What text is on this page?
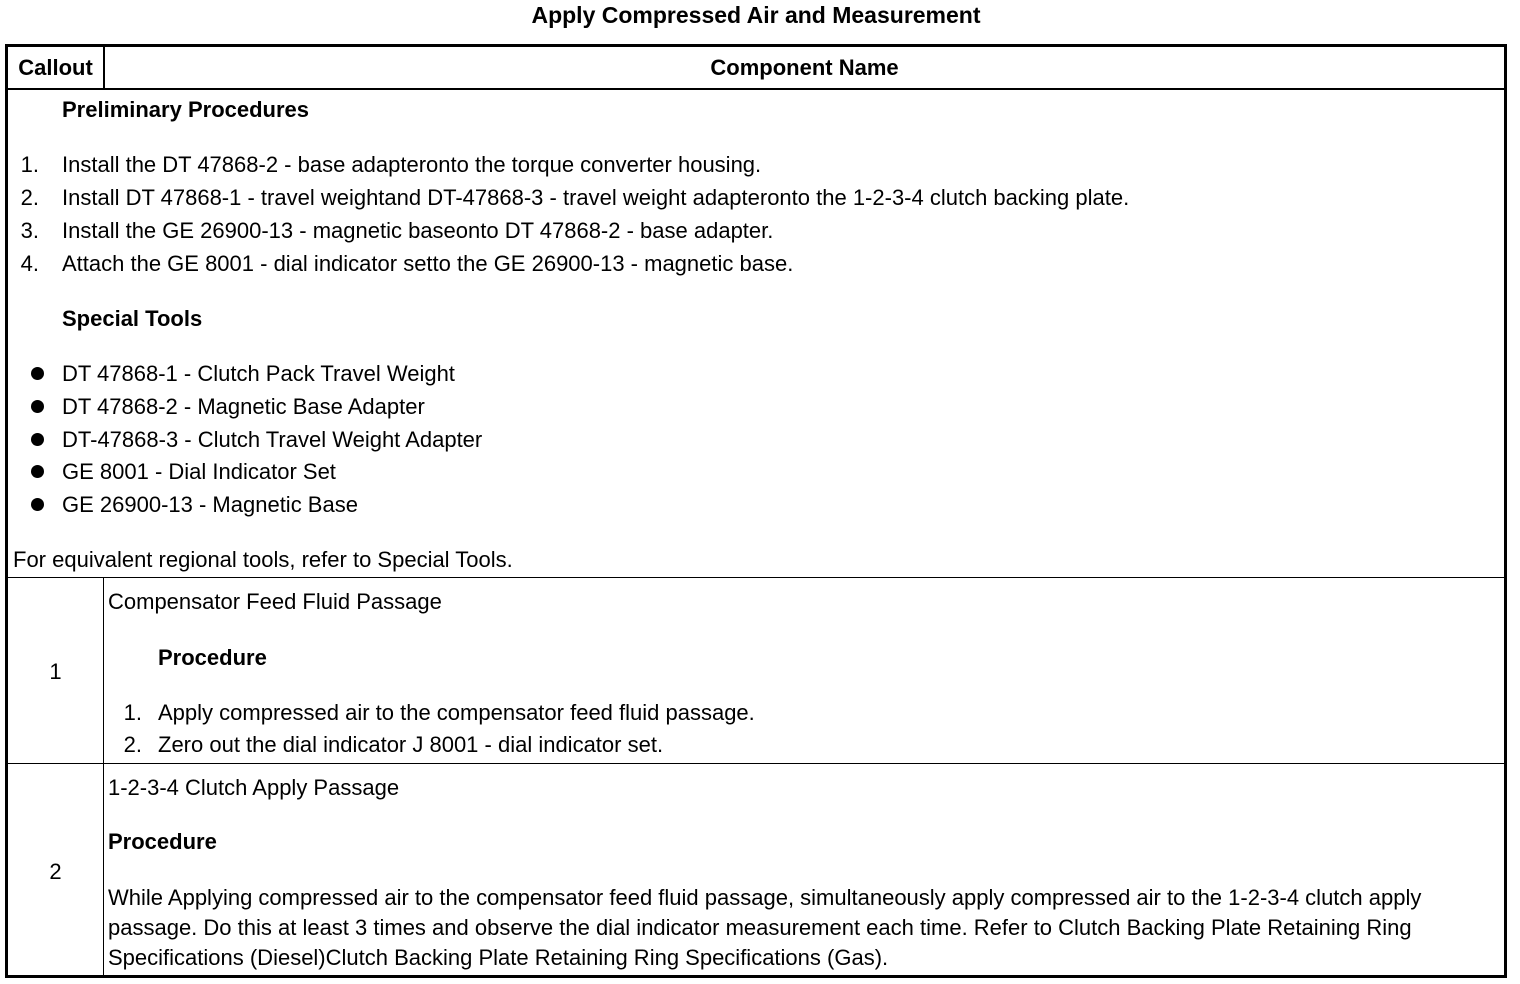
Apply Compressed Air and Measurement
Callout	Component Name
Preliminary Procedures
1. Install the DT 47868-2 - base adapteronto the torque converter housing.
2. Install DT 47868-1 - travel weightand DT-47868-3 - travel weight adapteronto the 1-2-3-4 clutch backing plate.
3. Install the GE 26900-13 - magnetic baseonto DT 47868-2 - base adapter.
4. Attach the GE 8001 - dial indicator setto the GE 26900-13 - magnetic base.
Special Tools
DT 47868-1 - Clutch Pack Travel Weight
DT 47868-2 - Magnetic Base Adapter
DT-47868-3 - Clutch Travel Weight Adapter
GE 8001 - Dial Indicator Set
GE 26900-13 - Magnetic Base
For equivalent regional tools, refer to Special Tools.
1
Compensator Feed Fluid Passage
Procedure
1. Apply compressed air to the compensator feed fluid passage.
2. Zero out the dial indicator J 8001 - dial indicator set.
2
1-2-3-4 Clutch Apply Passage
Procedure
While Applying compressed air to the compensator feed fluid passage, simultaneously apply compressed air to the 1-2-3-4 clutch apply passage. Do this at least 3 times and observe the dial indicator measurement each time. Refer to Clutch Backing Plate Retaining Ring Specifications (Diesel)Clutch Backing Plate Retaining Ring Specifications (Gas).
